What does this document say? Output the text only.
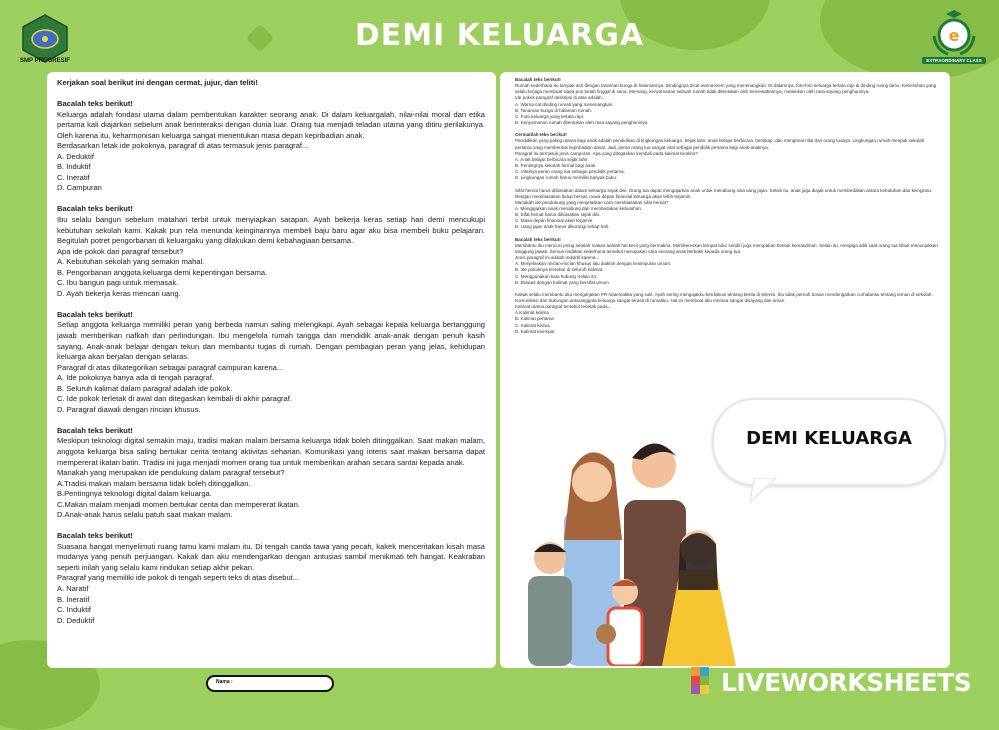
SMP PROGRESIF
DEMI KELUARGA	e
EXTRAORDINARY CLASS

Kerjakan soal berikut ini dengan cermat, jujur, dan teliti!

Bacalah teks berikut!

Keluarga adalah fondasi utama dalam pembentukan karakter seorang anak. Di dalam keluargalah, nilai-nilai moral dan etika pertama kali diajarkan sebelum anak berinteraksi dengan dunia luar. Orang tua menjadi teladan utama yang ditiru perilakunya. Oleh karena itu, keharmonisan keluarga sangat menentukan masa depan kepribadian anak.

Berdasarkan letak ide pokoknya, paragraf di atas termasuk jenis paragraf...

A. Deduktif

B. Induktif

C. Ineratif

D. Campuran

Bacalah teks berikut!

Ibu selalu bangun sebelum matahari terbit untuk menyiapkan sarapan. Ayah bekerja keras setiap hari demi mencukupi kebutuhan sekolah kami. Kakak pun rela menunda keinginannya membeli baju baru agar aku bisa membeli buku pelajaran. Begitulah potret pengorbanan di keluargaku yang dilakukan demi kebahagiaan bersama.

Apa ide pokok dari paragraf tersebut?

A. Kebutuhan sekolah yang semakin mahal.

B. Pengorbanan anggota keluarga demi kepentingan bersama.

C. Ibu bangun pagi untuk memasak.

D. Ayah bekerja keras mencari uang.

Bacalah teks berikut!

Setiap anggota keluarga memiliki peran yang berbeda namun saling melengkapi. Ayah sebagai kepala keluarga bertanggung jawab memberikan nafkah dan perlindungan. Ibu mengelola rumah tangga dan mendidik anak-anak dengan penuh kasih sayang. Anak-anak belajar dengan tekun dan membantu tugas di rumah. Dengan pembagian peran yang jelas, kehidupan keluarga akan berjalan dengan selaras.

Paragraf di atas dikategorikan sebagai paragraf campuran karena...

A. Ide pokoknya hanya ada di tengah paragraf.

B. Seluruh kalimat dalam paragraf adalah ide pokok.

C. Ide pokok terletak di awal dan ditegaskan kembali di akhir paragraf.

D. Paragraf diawali dengan rincian khusus.

Bacalah teks berikut!

Meskipun teknologi digital semakin maju, tradisi makan malam bersama keluarga tidak boleh ditinggalkan. Saat makan malam, anggota keluarga bisa saling bertukar cerita tentang aktivitas seharian. Komunikasi yang intens saat makan bersama dapat mempererat ikatan batin. Tradisi ini juga menjadi momen orang tua untuk memberikan arahan secara santai kepada anak.

Manakah yang merupakan ide pendukung dalam paragraf tersebut?

A.Tradisi makan malam bersama tidak boleh ditinggalkan.

B.Pentingnya teknologi digital dalam keluarga.

C.Makan malam menjadi momen bertukar cerita dan mempererat ikatan.

D.Anak-anak harus selalu patuh saat makan malam.

Bacalah teks berikut!

Suasana hangat menyelimuti ruang tamu kami malam itu. Di tengah canda tawa yang pecah, kakek menceritakan kisah masa mudanya yang penuh perjuangan. Kakak dan aku mendengarkan dengan antusias sambil menikmati teh hangat. Keakraban seperti inilah yang selalu kami rindukan setiap akhir pekan.

Paragraf yang memiliki ide pokok di tengah seperti teks di atas disebut...

A. Naratif

B. Ineratif

C. Induktif

D. Deduktif

Bacalah teks berikut!

Rumah sederhana itu tampak asri dengan tanaman bunga di halamannya. Dindingnya dicat warna krem yang menenangkan. Di dalamnya, foto-foto keluarga tertata rapi di dinding ruang tamu. Kebersihan yang selalu terjaga membuat siapa pun betah tinggal di sana. Memang, kenyamanan sebuah rumah tidak ditentukan oleh kemewahannya, melainkan oleh rasa sayang penghuninya.

Ide pokok paragraf deskripsi di atas adalah...

A. Warna cat dinding rumah yang menenangkan.

B. Tanaman bunga di halaman rumah.

C. Foto keluarga yang tertata rapi.

D. Kenyamanan rumah ditentukan oleh rasa sayang penghuninya.

Cermatilah teks berikut!

Pendidikan yang paling utama bagi anak adalah pendidikan di lingkungan keluarga. Sejak lahir, anak belajar berbicara, bersikap, dan mengenal nilai dari orang tuanya. Lingkungan rumah menjadi sekolah pertama yang membentuk kepribadian dasar. Jadi, peran orang tua sangat vital sebagai pendidik pertama bagi anak-anaknya.

Paragraf ini termasuk jenis campuran. Apa yang ditegaskan kembali pada kalimat terakhir?

A. Anak belajar berbicara sejak lahir.

B. Pentingnya sekolah formal bagi anak.

C. Vitalnya peran orang tua sebagai pendidik pertama.

D. Lingkungan rumah harus memiliki banyak buku.

Sifat hemat harus dibiasakan dalam keluarga sejak dini. Orang tua dapat mengajarkan anak untuk menabung sisa uang jajan. Selain itu, anak juga diajak untuk membedakan antara kebutuhan dan keinginan. Dengan membiasakan hidup hemat, masa depan finansial keluarga akan lebih terjamin.

Manakah ide pendukung yang menjelaskan cara membiasakan sifat hemat?

A. Mengajarkan anak menabung dan membedakan kebutuhan.

B. Sifat hemat harus dibiasakan sejak dini.

C. Masa depan finansial akan terjamin.

D. Uang jajan anak harus dikurangi setiap hari.

Bacalah teks berikut!

Membantu ibu mencuci piring setelah makan adalah hal kecil yang bermakna. Membereskan tempat tidur sendiri juga merupakan bentuk kemandirian. Selain itu, menjaga adik saat orang tua sibuk menunjukkan tanggung jawab. Semua tindakan sederhana tersebut merupakan cara seorang anak berbakti kepada orang tua.

Jenis paragraf ini adalah induktif karena...

A. Menjelaskan rincian-rincian khusus lalu diakhiri dengan kesimpulan umum.

B. Ide pokoknya tersebar di seluruh kalimat.

C. Menggunakan kata hubung 'selain itu'.

D. Diawali dengan kalimat yang bersifat umum.

Kakak selalu membantu aku mengerjakan PR matematika yang sulit. Ayah sering mengajakku berdiskusi tentang berita di televisi. Ibu tidak pernah bosan mendengarkan curhatanku tentang teman di sekolah. Komunikasi dan dukungan antaranggota keluarga sangat terasa di rumahku. Hal ini membuat aku merasa sangat disayang dan aman.

Kalimat utama paragraf tersebut terletak pada...

A.Kalimat kelima

B. Kalimat pertama

C. Kalimat kedua

D. Kalimat keempat

DEMI KELUARGA
Nama :	LIVEWORKSHEETS
